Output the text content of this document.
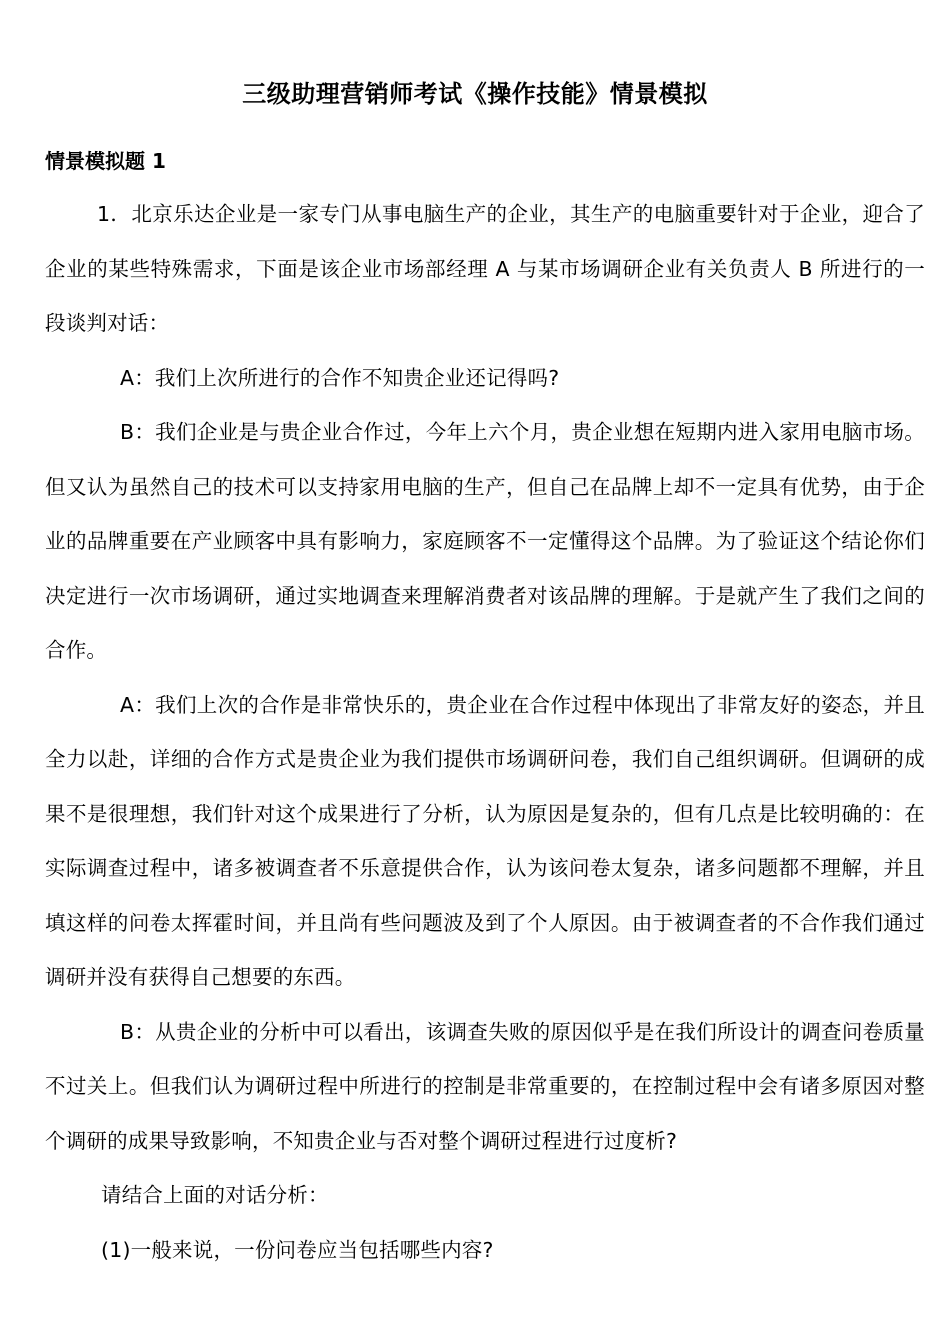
三级助理营销师考试《操作技能》情景模拟
情景模拟题 1

1．北京乐达企业是一家专门从事电脑生产的企业，其生产的电脑重要针对于企业，迎合了企业的某些特殊需求，下面是该企业市场部经理 A 与某市场调研企业有关负责人 B 所进行的一段谈判对话：

A：我们上次所进行的合作不知贵企业还记得吗?

B：我们企业是与贵企业合作过，今年上六个月，贵企业想在短期内进入家用电脑市场。但又认为虽然自己的技术可以支持家用电脑的生产，但自己在品牌上却不一定具有优势，由于企业的品牌重要在产业顾客中具有影响力，家庭顾客不一定懂得这个品牌。为了验证这个结论你们决定进行一次市场调研，通过实地调查来理解消费者对该品牌的理解。于是就产生了我们之间的合作。

A：我们上次的合作是非常快乐的，贵企业在合作过程中体现出了非常友好的姿态，并且全力以赴，详细的合作方式是贵企业为我们提供市场调研问卷，我们自己组织调研。但调研的成果不是很理想，我们针对这个成果进行了分析，认为原因是复杂的，但有几点是比较明确的：在实际调查过程中，诸多被调查者不乐意提供合作，认为该问卷太复杂，诸多问题都不理解，并且填这样的问卷太挥霍时间，并且尚有些问题波及到了个人原因。由于被调查者的不合作我们通过调研并没有获得自己想要的东西。

B：从贵企业的分析中可以看出，该调查失败的原因似乎是在我们所设计的调查问卷质量不过关上。但我们认为调研过程中所进行的控制是非常重要的，在控制过程中会有诸多原因对整个调研的成果导致影响，不知贵企业与否对整个调研过程进行过度析?

请结合上面的对话分析：

(1)一般来说，一份问卷应当包括哪些内容?
